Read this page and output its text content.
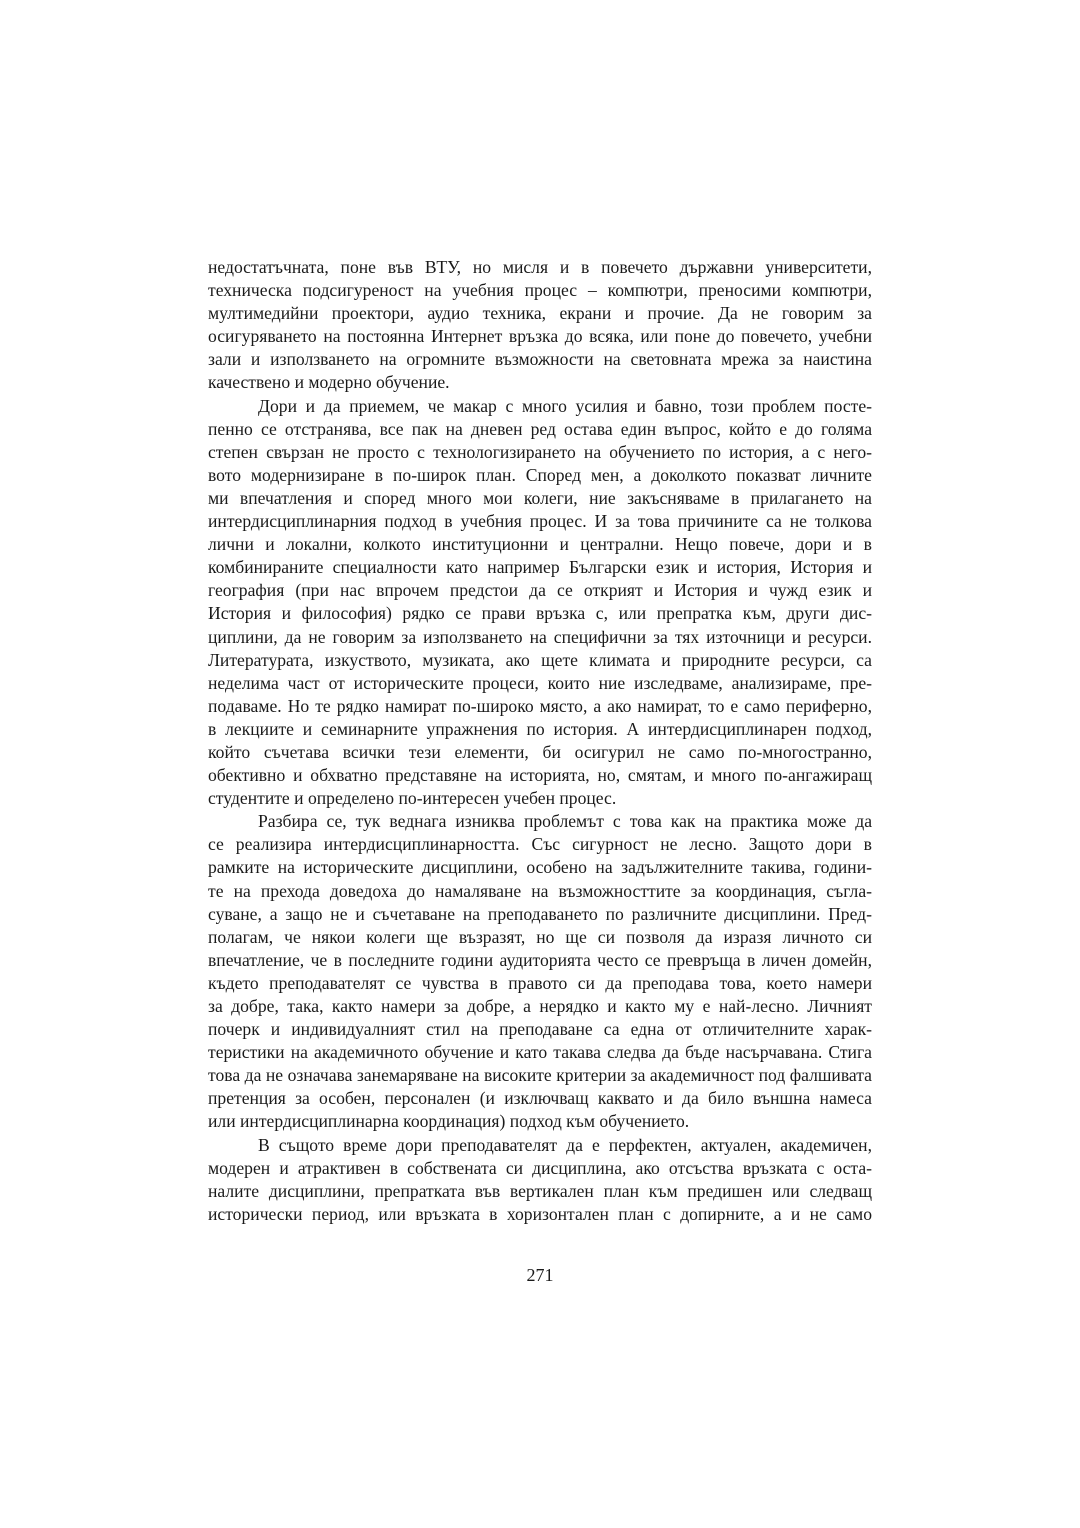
недостатъчната, поне във ВТУ, но мисля и в повечето държавни университети,
техническа подсигуреност на учебния процес – компютри, преносими компютри,
мултимедийни проектори, аудио техника, екрани и прочие. Да не говорим за
осигуряването на постоянна Интернет връзка до всяка, или поне до повечето, учебни
зали и използването на огромните възможности на световната мрежа за наистина
качествено и модерно обучение.
Дори и да приемем, че макар с много усилия и бавно, този проблем посте-
пенно се отстранява, все пак на дневен ред остава един въпрос, който е до голяма
степен свързан не просто с технологизирането на обучението по история, а с него-
вото модернизиране в по-широк план. Според мен, а доколкото показват личните
ми впечатления и според много мои колеги, ние закъсняваме в прилагането на
интердисциплинарния подход в учебния процес. И за това причините са не толкова
лични и локални, колкото институционни и централни. Нещо повече, дори и в
комбинираните специалности като например Български език и история, История и
география (при нас впрочем предстои да се открият и История и чужд език и
История и философия) рядко се прави връзка с, или препратка към, други дис-
циплини, да не говорим за използването на специфични за тях източници и ресурси.
Литературата, изкуството, музиката, ако щете климата и природните ресурси, са
неделима част от историческите процеси, които ние изследваме, анализираме, пре-
подаваме. Но те рядко намират по-широко място, а ако намират, то е само периферно,
в лекциите и семинарните упражнения по история. А интердисциплинарен подход,
който съчетава всички тези елементи, би осигурил не само по-многостранно,
обективно и обхватно представяне на историята, но, смятам, и много по-ангажиращ
студентите и определено по-интересен учебен процес.
Разбира се, тук веднага изниква проблемът с това как на практика може да
се реализира интердисциплинарността. Със сигурност не лесно. Защото дори в
рамките на историческите дисциплини, особено на задължителните такива, години-
те на прехода доведоха до намаляване на възможносттите за координация, съгла-
суване, а защо не и съчетаване на преподаването по различните дисциплини. Пред-
полагам, че някои колеги ще възразят, но ще си позволя да изразя личното си
впечатление, че в последните години аудиторията често се превръща в личен домейн,
където преподавателят се чувства в правото си да преподава това, което намери
за добре, така, както намери за добре, а нерядко и както му е най-лесно. Личният
почерк и индивидуалният стил на преподаване са една от отличителните харак-
теристики на академичното обучение и като такава следва да бъде насърчавана. Стига
това да не означава занемаряване на високите критерии за академичност под фалшивата
претенция за особен, персонален (и изключващ каквато и да било външна намеса
или интердисциплинарна координация) подход към обучението.
В същото време дори преподавателят да е перфектен, актуален, академичен,
модерен и атрактивен в собствената си дисциплина, ако отсъства връзката с оста-
налите дисциплини, препратката във вертикален план към предишен или следващ
исторически период, или връзката в хоризонтален план с допирните, а и не само
271
